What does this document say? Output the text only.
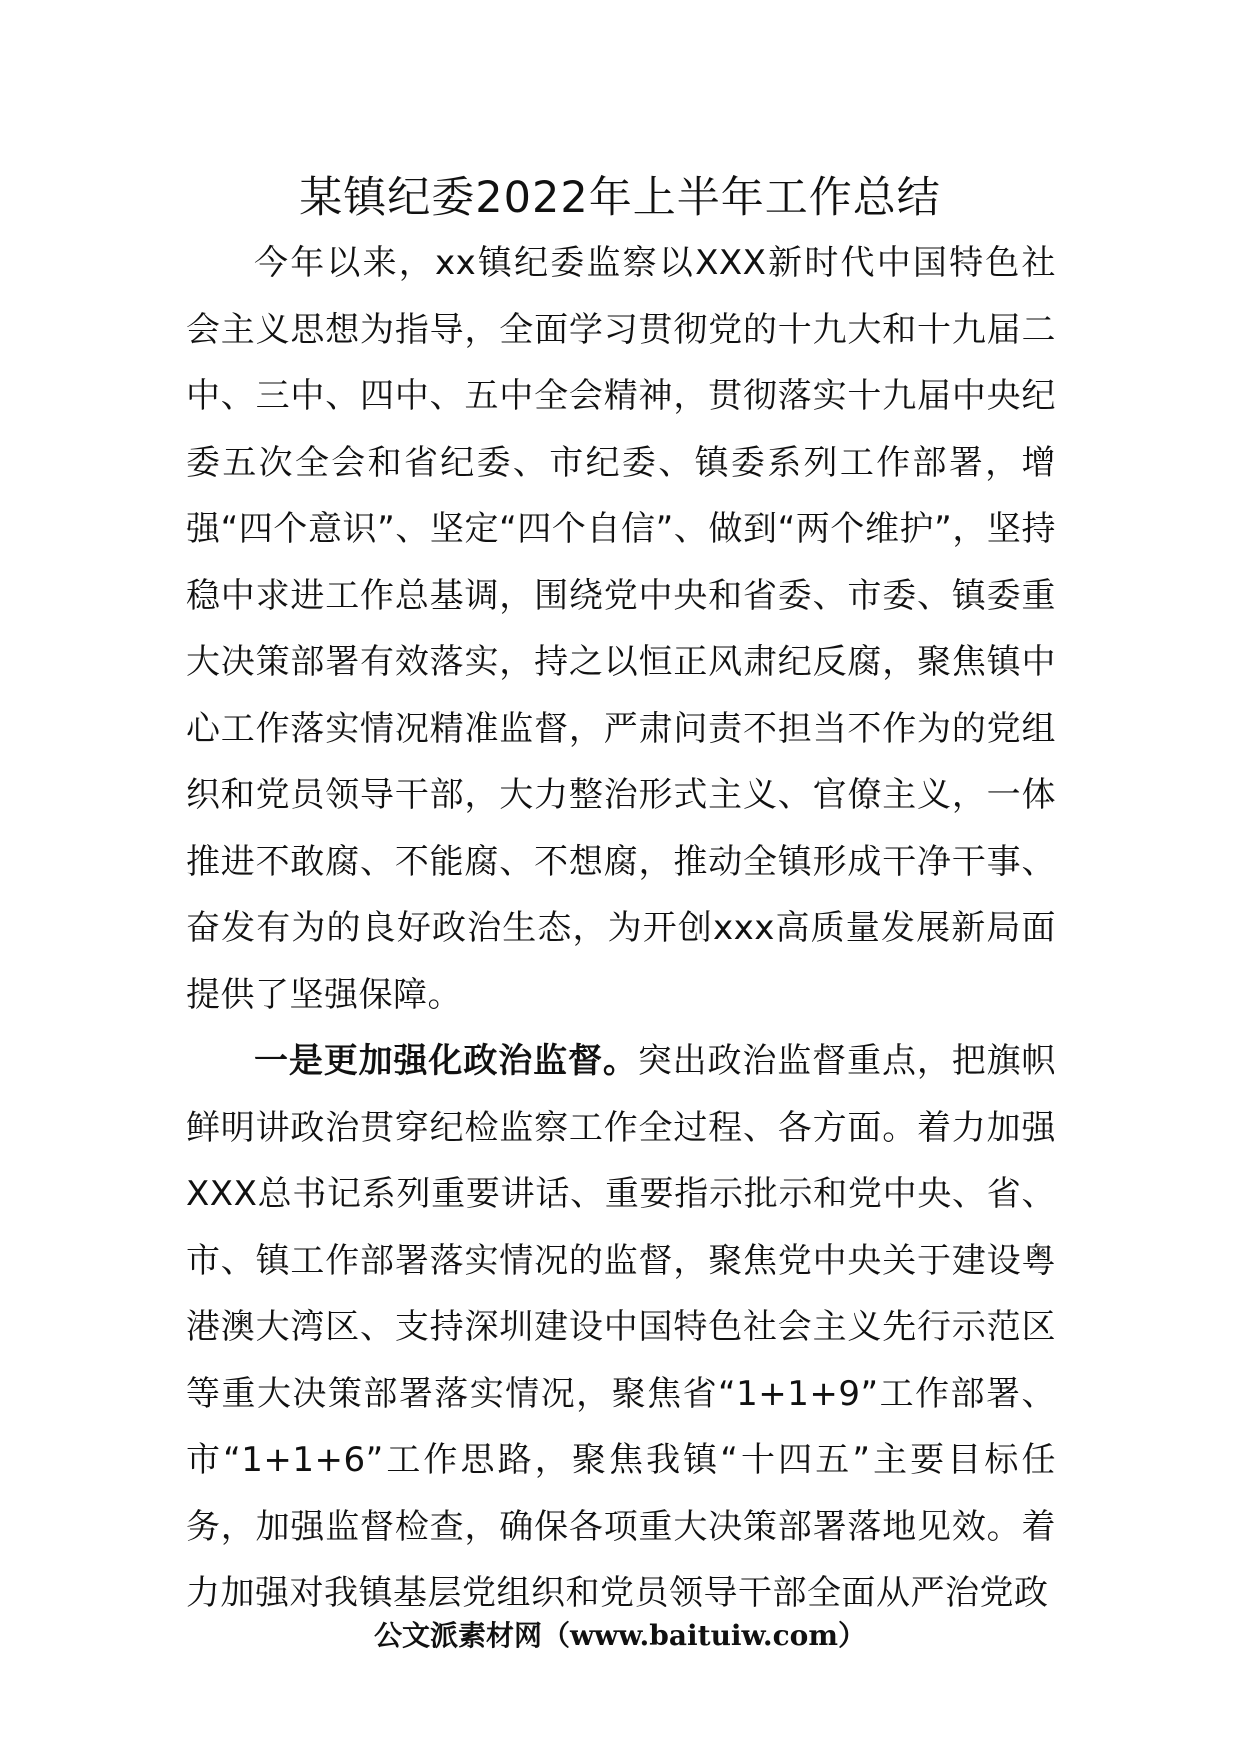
某镇纪委2022年上半年工作总结

今年以来，xx镇纪委监察以XXX新时代中国特色社会主义思想为指导，全面学习贯彻党的十九大和十九届二中、三中、四中、五中全会精神，贯彻落实十九届中央纪委五次全会和省纪委、市纪委、镇委系列工作部署，增强“四个意识”、坚定“四个自信”、做到“两个维护”，坚持稳中求进工作总基调，围绕党中央和省委、市委、镇委重大决策部署有效落实，持之以恒正风肃纪反腐，聚焦镇中心工作落实情况精准监督，严肃问责不担当不作为的党组织和党员领导干部，大力整治形式主义、官僚主义，一体推进不敢腐、不能腐、不想腐，推动全镇形成干净干事、奋发有为的良好政治生态，为开创xxx高质量发展新局面提供了坚强保障。

一是更加强化政治监督。突出政治监督重点，把旗帜鲜明讲政治贯穿纪检监察工作全过程、各方面。着力加强XXX总书记系列重要讲话、重要指示批示和党中央、省、市、镇工作部署落实情况的监督，聚焦党中央关于建设粤港澳大湾区、支持深圳建设中国特色社会主义先行示范区等重大决策部署落实情况，聚焦省“1+1+9”工作部署、市“1+1+6”工作思路，聚焦我镇“十四五”主要目标任务，加强监督检查，确保各项重大决策部署落地见效。着力加强对我镇基层党组织和党员领导干部全面从严治党政

公文派素材网（www.baituiw.com）
